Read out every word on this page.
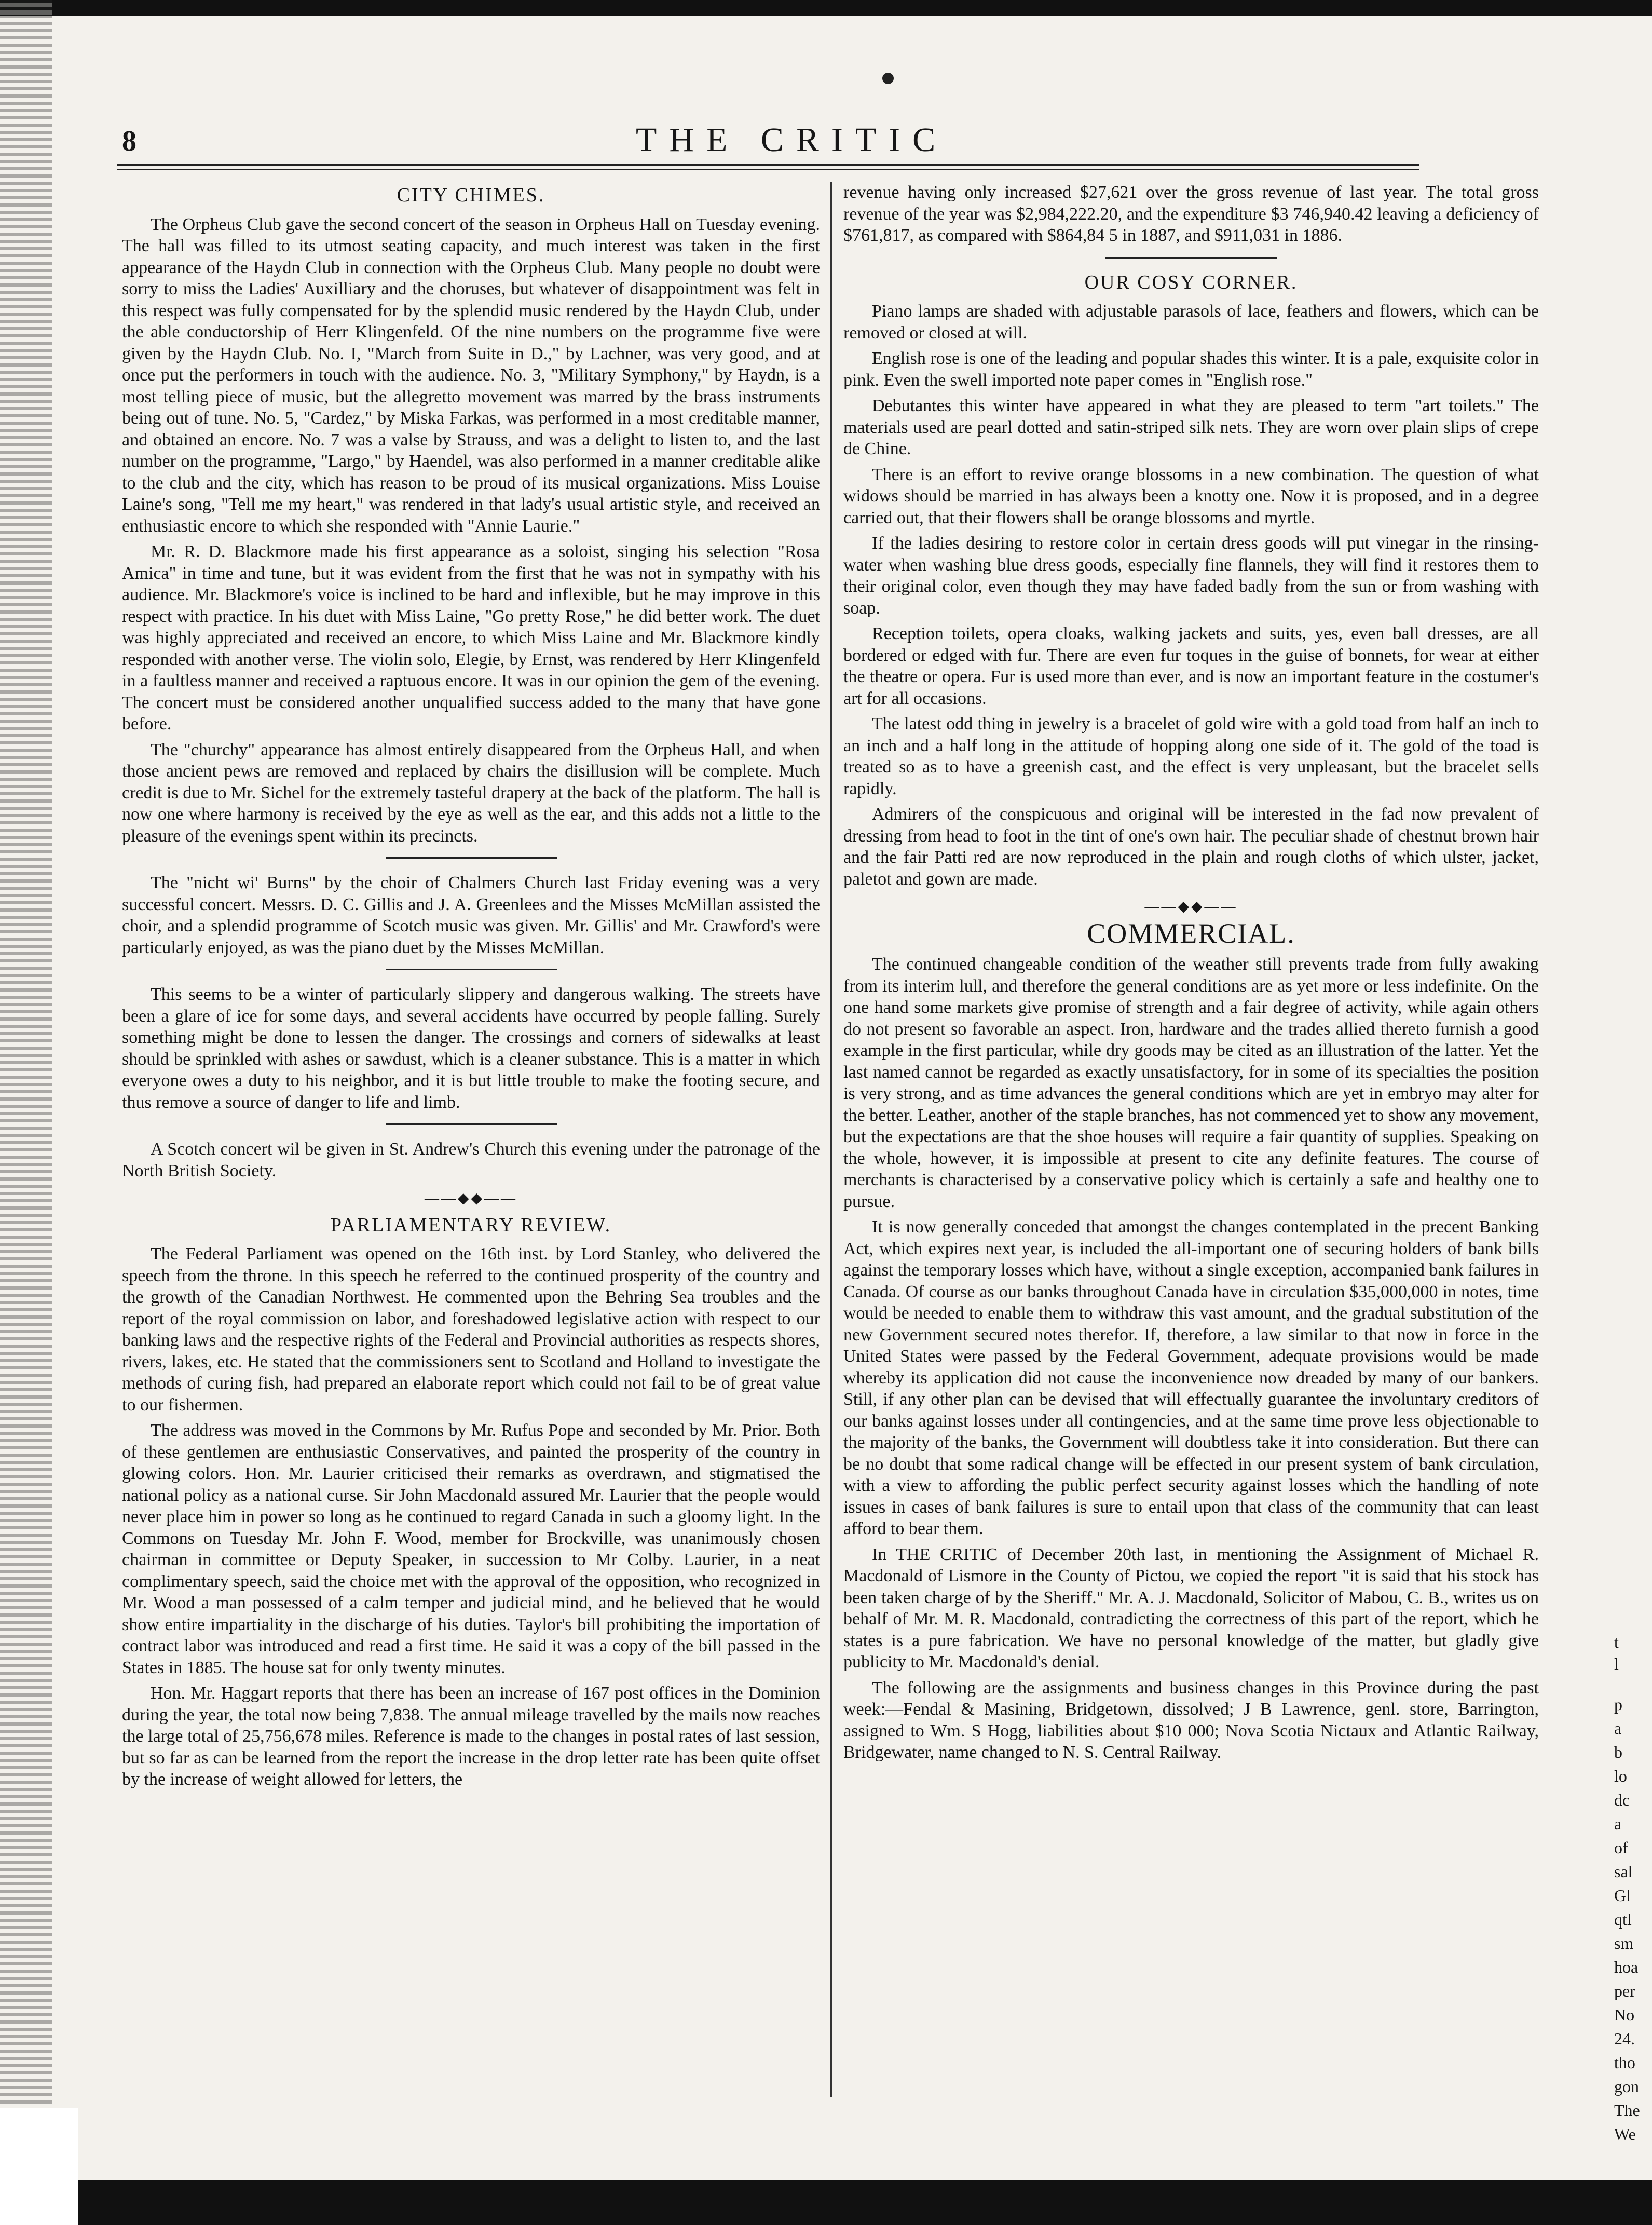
8	THE CRITIC
CITY CHIMES.

The Orpheus Club gave the second concert of the season in Orpheus Hall on Tuesday evening. The hall was filled to its utmost seating capacity, and much interest was taken in the first appearance of the Haydn Club in connection with the Orpheus Club. Many people no doubt were sorry to miss the Ladies' Auxilliary and the choruses, but whatever of disappointment was felt in this respect was fully compensated for by the splendid music rendered by the Haydn Club, under the able conductorship of Herr Klingenfeld. Of the nine numbers on the programme five were given by the Haydn Club. No. I, "March from Suite in D.," by Lachner, was very good, and at once put the performers in touch with the audience. No. 3, "Military Symphony," by Haydn, is a most telling piece of music, but the allegretto movement was marred by the brass instruments being out of tune. No. 5, "Cardez," by Miska Farkas, was performed in a most creditable manner, and obtained an encore. No. 7 was a valse by Strauss, and was a delight to listen to, and the last number on the programme, "Largo," by Haendel, was also performed in a manner creditable alike to the club and the city, which has reason to be proud of its musical organizations. Miss Louise Laine's song, "Tell me my heart," was rendered in that lady's usual artistic style, and received an enthusiastic encore to which she responded with "Annie Laurie."

Mr. R. D. Blackmore made his first appearance as a soloist, singing his selection "Rosa Amica" in time and tune, but it was evident from the first that he was not in sympathy with his audience. Mr. Blackmore's voice is inclined to be hard and inflexible, but he may improve in this respect with practice. In his duet with Miss Laine, "Go pretty Rose," he did better work. The duet was highly appreciated and received an encore, to which Miss Laine and Mr. Blackmore kindly responded with another verse. The violin solo, Elegie, by Ernst, was rendered by Herr Klingenfeld in a faultless manner and received a raptuous encore. It was in our opinion the gem of the evening. The concert must be considered another unqualified success added to the many that have gone before.

The "churchy" appearance has almost entirely disappeared from the Orpheus Hall, and when those ancient pews are removed and replaced by chairs the disillusion will be complete. Much credit is due to Mr. Sichel for the extremely tasteful drapery at the back of the platform. The hall is now one where harmony is received by the eye as well as the ear, and this adds not a little to the pleasure of the evenings spent within its precincts.

The "nicht wi' Burns" by the choir of Chalmers Church last Friday evening was a very successful concert. Messrs. D. C. Gillis and J. A. Greenlees and the Misses McMillan assisted the choir, and a splendid programme of Scotch music was given. Mr. Gillis' and Mr. Crawford's were particularly enjoyed, as was the piano duet by the Misses McMillan.

This seems to be a winter of particularly slippery and dangerous walking. The streets have been a glare of ice for some days, and several accidents have occurred by people falling. Surely something might be done to lessen the danger. The crossings and corners of sidewalks at least should be sprinkled with ashes or sawdust, which is a cleaner substance. This is a matter in which everyone owes a duty to his neighbor, and it is but little trouble to make the footing secure, and thus remove a source of danger to life and limb.

A Scotch concert wil be given in St. Andrew's Church this evening under the patronage of the North British Society.

——◆◆——
PARLIAMENTARY REVIEW.

The Federal Parliament was opened on the 16th inst. by Lord Stanley, who delivered the speech from the throne. In this speech he referred to the continued prosperity of the country and the growth of the Canadian Northwest. He commented upon the Behring Sea troubles and the report of the royal commission on labor, and foreshadowed legislative action with respect to our banking laws and the respective rights of the Federal and Provincial authorities as respects shores, rivers, lakes, etc. He stated that the commissioners sent to Scotland and Holland to investigate the methods of curing fish, had prepared an elaborate report which could not fail to be of great value to our fishermen.

The address was moved in the Commons by Mr. Rufus Pope and seconded by Mr. Prior. Both of these gentlemen are enthusiastic Conservatives, and painted the prosperity of the country in glowing colors. Hon. Mr. Laurier criticised their remarks as overdrawn, and stigmatised the national policy as a national curse. Sir John Macdonald assured Mr. Laurier that the people would never place him in power so long as he continued to regard Canada in such a gloomy light. In the Commons on Tuesday Mr. John F. Wood, member for Brockville, was unanimously chosen chairman in committee or Deputy Speaker, in succession to Mr Colby. Laurier, in a neat complimentary speech, said the choice met with the approval of the opposition, who recognized in Mr. Wood a man possessed of a calm temper and judicial mind, and he believed that he would show entire impartiality in the discharge of his duties. Taylor's bill prohibiting the importation of contract labor was introduced and read a first time. He said it was a copy of the bill passed in the States in 1885. The house sat for only twenty minutes.

Hon. Mr. Haggart reports that there has been an increase of 167 post offices in the Dominion during the year, the total now being 7,838. The annual mileage travelled by the mails now reaches the large total of 25,756,678 miles. Reference is made to the changes in postal rates of last session, but so far as can be learned from the report the increase in the drop letter rate has been quite offset by the increase of weight allowed for letters, the

revenue having only increased $27,621 over the gross revenue of last year. The total gross revenue of the year was $2,984,222.20, and the expenditure $3 746,940.42 leaving a deficiency of $761,817, as compared with $864,84 5 in 1887, and $911,031 in 1886.

OUR COSY CORNER.

Piano lamps are shaded with adjustable parasols of lace, feathers and flowers, which can be removed or closed at will.

English rose is one of the leading and popular shades this winter. It is a pale, exquisite color in pink. Even the swell imported note paper comes in "English rose."

Debutantes this winter have appeared in what they are pleased to term "art toilets." The materials used are pearl dotted and satin-striped silk nets. They are worn over plain slips of crepe de Chine.

There is an effort to revive orange blossoms in a new combination. The question of what widows should be married in has always been a knotty one. Now it is proposed, and in a degree carried out, that their flowers shall be orange blossoms and myrtle.

If the ladies desiring to restore color in certain dress goods will put vinegar in the rinsing-water when washing blue dress goods, especially fine flannels, they will find it restores them to their original color, even though they may have faded badly from the sun or from washing with soap.

Reception toilets, opera cloaks, walking jackets and suits, yes, even ball dresses, are all bordered or edged with fur. There are even fur toques in the guise of bonnets, for wear at either the theatre or opera. Fur is used more than ever, and is now an important feature in the costumer's art for all occasions.

The latest odd thing in jewelry is a bracelet of gold wire with a gold toad from half an inch to an inch and a half long in the attitude of hopping along one side of it. The gold of the toad is treated so as to have a greenish cast, and the effect is very unpleasant, but the bracelet sells rapidly.

Admirers of the conspicuous and original will be interested in the fad now prevalent of dressing from head to foot in the tint of one's own hair. The peculiar shade of chestnut brown hair and the fair Patti red are now reproduced in the plain and rough cloths of which ulster, jacket, paletot and gown are made.

——◆◆——
COMMERCIAL.

The continued changeable condition of the weather still prevents trade from fully awaking from its interim lull, and therefore the general conditions are as yet more or less indefinite. On the one hand some markets give promise of strength and a fair degree of activity, while again others do not present so favorable an aspect. Iron, hardware and the trades allied thereto furnish a good example in the first particular, while dry goods may be cited as an illustration of the latter. Yet the last named cannot be regarded as exactly unsatisfactory, for in some of its specialties the position is very strong, and as time advances the general conditions which are yet in embryo may alter for the better. Leather, another of the staple branches, has not commenced yet to show any movement, but the expectations are that the shoe houses will require a fair quantity of supplies. Speaking on the whole, however, it is impossible at present to cite any definite features. The course of merchants is characterised by a conservative policy which is certainly a safe and healthy one to pursue.

It is now generally conceded that amongst the changes contemplated in the precent Banking Act, which expires next year, is included the all-important one of securing holders of bank bills against the temporary losses which have, without a single exception, accompanied bank failures in Canada. Of course as our banks throughout Canada have in circulation $35,000,000 in notes, time would be needed to enable them to withdraw this vast amount, and the gradual substitution of the new Government secured notes therefor. If, therefore, a law similar to that now in force in the United States were passed by the Federal Government, adequate provisions would be made whereby its application did not cause the inconvenience now dreaded by many of our bankers. Still, if any other plan can be devised that will effectually guarantee the involuntary creditors of our banks against losses under all contingencies, and at the same time prove less objectionable to the majority of the banks, the Government will doubtless take it into consideration. But there can be no doubt that some radical change will be effected in our present system of bank circulation, with a view to affording the public perfect security against losses which the handling of note issues in cases of bank failures is sure to entail upon that class of the community that can least afford to bear them.

In THE CRITIC of December 20th last, in mentioning the Assignment of Michael R. Macdonald of Lismore in the County of Pictou, we copied the report "it is said that his stock has been taken charge of by the Sheriff." Mr. A. J. Macdonald, Solicitor of Mabou, C. B., writes us on behalf of Mr. M. R. Macdonald, contradicting the correctness of this part of the report, which he states is a pure fabrication. We have no personal knowledge of the matter, but gladly give publicity to Mr. Macdonald's denial.

The following are the assignments and business changes in this Province during the past week:—Fendal & Masining, Bridgetown, dissolved; J B Lawrence, genl. store, Barrington, assigned to Wm. S Hogg, liabilities about $10 000; Nova Scotia Nictaux and Atlantic Railway, Bridgewater, name changed to N. S. Central Railway.

t
l
p
a
b
lo
dc
a
of
sal
Gl
qtl
sm
hoa
per
No
24.
tho
gon
The
We
